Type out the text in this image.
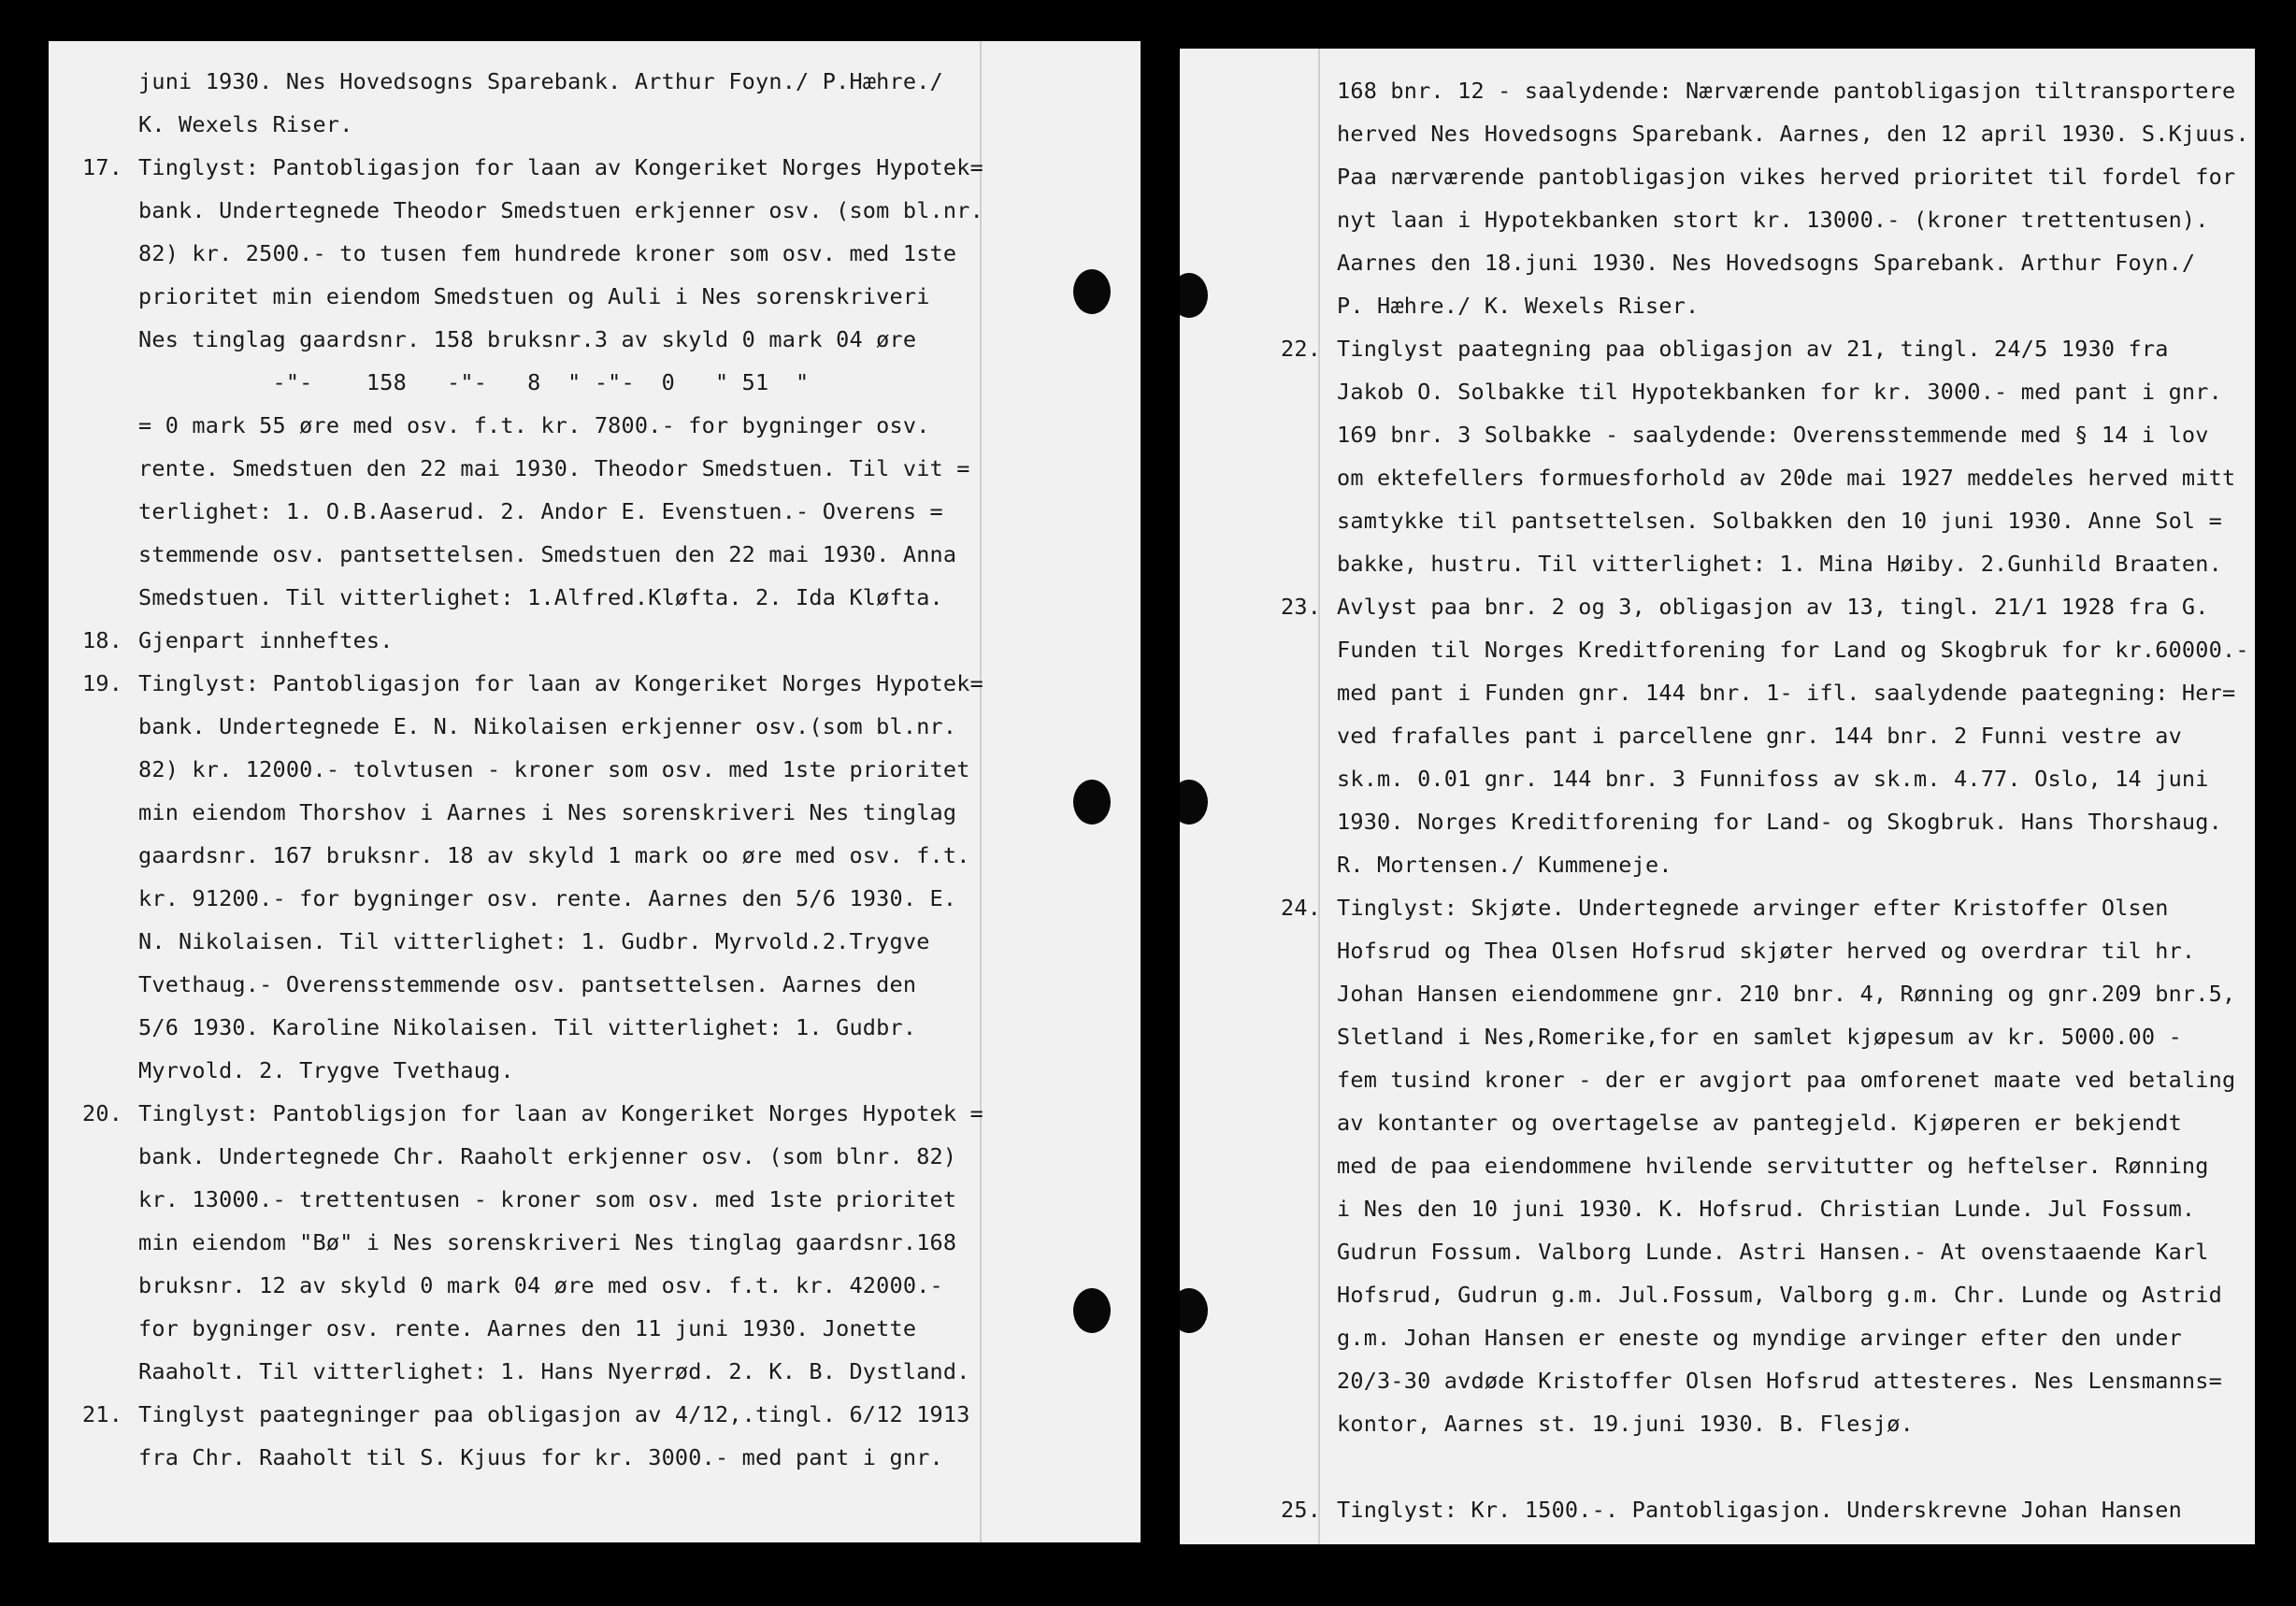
juni 1930. Nes Hovedsogns Sparebank. Arthur Foyn./ P.Hæhre./
K. Wexels Riser.
17. Tinglyst: Pantobligasjon for laan av Kongeriket Norges Hypotek=
bank. Undertegnede Theodor Smedstuen erkjenner osv. (som bl.nr.
82) kr. 2500.- to tusen fem hundrede kroner som osv. med 1ste
prioritet min eiendom Smedstuen og Auli i Nes sorenskriveri
Nes tinglag gaardsnr. 158 bruksnr.3 av skyld 0 mark 04 øre
-"-    158   -"-   8  " -"-  0   " 51  "
= 0 mark 55 øre med osv. f.t. kr. 7800.- for bygninger osv.
rente. Smedstuen den 22 mai 1930. Theodor Smedstuen. Til vit =
terlighet: 1. O.B.Aaserud. 2. Andor E. Evenstuen.- Overens =
stemmende osv. pantsettelsen. Smedstuen den 22 mai 1930. Anna
Smedstuen. Til vitterlighet: 1.Alfred.Kløfta. 2. Ida Kløfta.
18. Gjenpart innheftes.
19. Tinglyst: Pantobligasjon for laan av Kongeriket Norges Hypotek=
bank. Undertegnede E. N. Nikolaisen erkjenner osv.(som bl.nr.
82) kr. 12000.- tolvtusen - kroner som osv. med 1ste prioritet
min eiendom Thorshov i Aarnes i Nes sorenskriveri Nes tinglag
gaardsnr. 167 bruksnr. 18 av skyld 1 mark oo øre med osv. f.t.
kr. 91200.- for bygninger osv. rente. Aarnes den 5/6 1930. E.
N. Nikolaisen. Til vitterlighet: 1. Gudbr. Myrvold.2.Trygve
Tvethaug.- Overensstemmende osv. pantsettelsen. Aarnes den
5/6 1930. Karoline Nikolaisen. Til vitterlighet: 1. Gudbr.
Myrvold. 2. Trygve Tvethaug.
20. Tinglyst: Pantobligsjon for laan av Kongeriket Norges Hypotek =
bank. Undertegnede Chr. Raaholt erkjenner osv. (som blnr. 82)
kr. 13000.- trettentusen - kroner som osv. med 1ste prioritet
min eiendom "Bø" i Nes sorenskriveri Nes tinglag gaardsnr.168
bruksnr. 12 av skyld 0 mark 04 øre med osv. f.t. kr. 42000.-
for bygninger osv. rente. Aarnes den 11 juni 1930. Jonette
Raaholt. Til vitterlighet: 1. Hans Nyerrød. 2. K. B. Dystland.
21. Tinglyst paategninger paa obligasjon av 4/12,.tingl. 6/12 1913
fra Chr. Raaholt til S. Kjuus for kr. 3000.- med pant i gnr.
168 bnr. 12 - saalydende: Nærværende pantobligasjon tiltransportere
herved Nes Hovedsogns Sparebank. Aarnes, den 12 april 1930. S.Kjuus.
Paa nærværende pantobligasjon vikes herved prioritet til fordel for
nyt laan i Hypotekbanken stort kr. 13000.- (kroner trettentusen).
Aarnes den 18.juni 1930. Nes Hovedsogns Sparebank. Arthur Foyn./
P. Hæhre./ K. Wexels Riser.
22. Tinglyst paategning paa obligasjon av 21, tingl. 24/5 1930 fra
Jakob O. Solbakke til Hypotekbanken for kr. 3000.- med pant i gnr.
169 bnr. 3 Solbakke - saalydende: Overensstemmende med § 14 i lov
om ektefellers formuesforhold av 20de mai 1927 meddeles herved mitt
samtykke til pantsettelsen. Solbakken den 10 juni 1930. Anne Sol =
bakke, hustru. Til vitterlighet: 1. Mina Høiby. 2.Gunhild Braaten.
23. Avlyst paa bnr. 2 og 3, obligasjon av 13, tingl. 21/1 1928 fra G.
Funden til Norges Kreditforening for Land og Skogbruk for kr.60000.-
med pant i Funden gnr. 144 bnr. 1- ifl. saalydende paategning: Her=
ved frafalles pant i parcellene gnr. 144 bnr. 2 Funni vestre av
sk.m. 0.01 gnr. 144 bnr. 3 Funnifoss av sk.m. 4.77. Oslo, 14 juni
1930. Norges Kreditforening for Land- og Skogbruk. Hans Thorshaug.
R. Mortensen./ Kummeneje.
24. Tinglyst: Skjøte. Undertegnede arvinger efter Kristoffer Olsen
Hofsrud og Thea Olsen Hofsrud skjøter herved og overdrar til hr.
Johan Hansen eiendommene gnr. 210 bnr. 4, Rønning og gnr.209 bnr.5,
Sletland i Nes,Romerike,for en samlet kjøpesum av kr. 5000.00 -
fem tusind kroner - der er avgjort paa omforenet maate ved betaling
av kontanter og overtagelse av pantegjeld. Kjøperen er bekjendt
med de paa eiendommene hvilende servitutter og heftelser. Rønning
i Nes den 10 juni 1930. K. Hofsrud. Christian Lunde. Jul Fossum.
Gudrun Fossum. Valborg Lunde. Astri Hansen.- At ovenstaaende Karl
Hofsrud, Gudrun g.m. Jul.Fossum, Valborg g.m. Chr. Lunde og Astrid
g.m. Johan Hansen er eneste og myndige arvinger efter den under
20/3-30 avdøde Kristoffer Olsen Hofsrud attesteres. Nes Lensmanns=
kontor, Aarnes st. 19.juni 1930. B. Flesjø.
25. Tinglyst: Kr. 1500.-. Pantobligasjon. Underskrevne Johan Hansen
